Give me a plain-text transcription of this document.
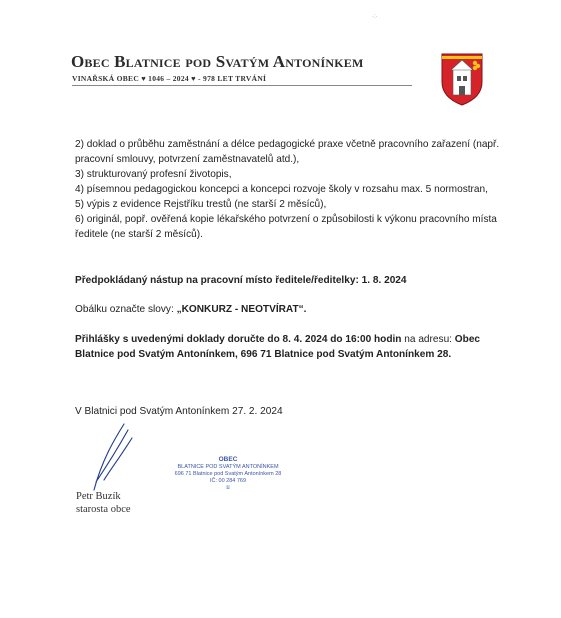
·:·
Obec Blatnice pod Svatým Antonínkem
VINAŘSKÁ OBEC ♥ 1046 – 2024 ♥ - 978 LET TRVÁNÍ
2) doklad o průběhu zaměstnání a délce pedagogické praxe včetně pracovního zařazení (např.
pracovní smlouvy, potvrzení zaměstnavatelů atd.),
3) strukturovaný profesní životopis,
4) písemnou pedagogickou koncepci a koncepci rozvoje školy v rozsahu max. 5 normostran,
5) výpis z evidence Rejstříku trestů (ne starší 2 měsíců),
6) originál, popř. ověřená kopie lékařského potvrzení o způsobilosti k výkonu pracovního místa
ředitele (ne starší 2 měsíců).
Předpokládaný nástup na pracovní místo ředitele/ředitelky: 1. 8. 2024
Obálku označte slovy: „KONKURZ - NEOTVÍRAT“.
Přihlášky s uvedenými doklady doručte do 8. 4. 2024 do 16:00 hodin na adresu: Obec
Blatnice pod Svatým Antonínkem, 696 71 Blatnice pod Svatým Antonínkem 28.
V Blatnici pod Svatým Antonínkem 27. 2. 2024
Petr Buzík
starosta obce
OBEC
BLATNICE POD SVATÝM ANTONÍNKEM
696 71 Blatnice pod Svatým Antonínkem 28
IČ: 00 284 769
①
